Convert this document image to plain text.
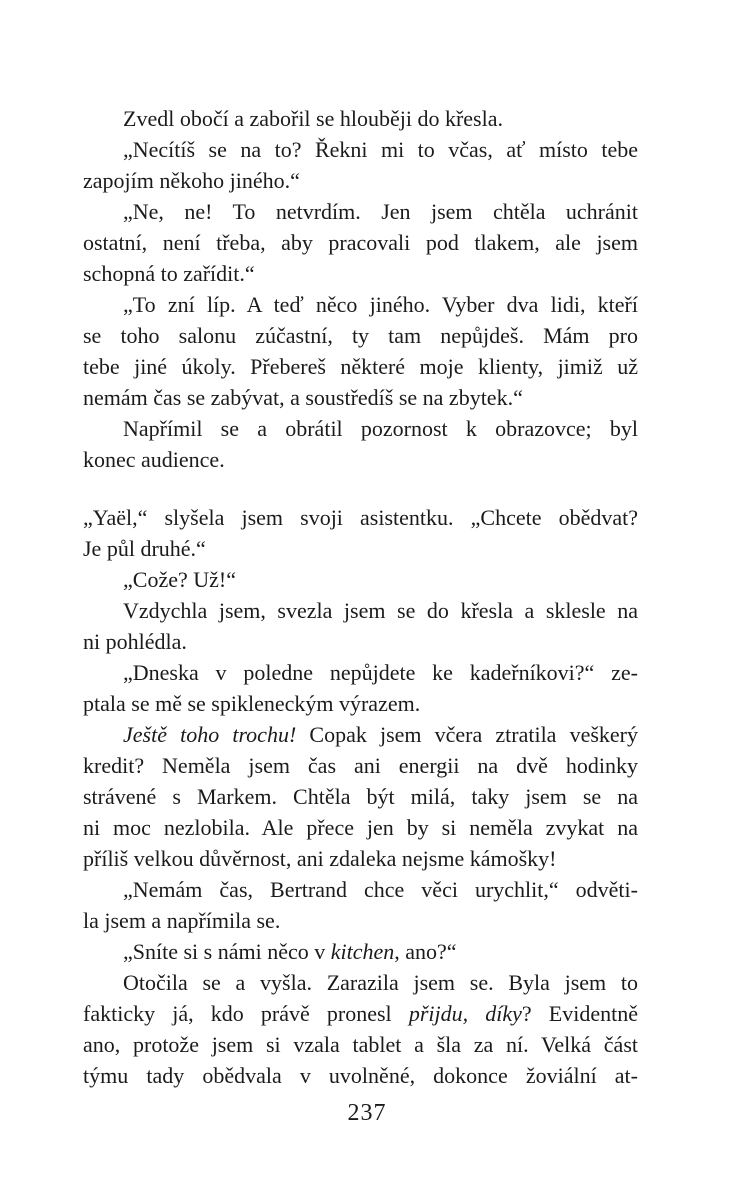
Zvedl obočí a zabořil se hlouběji do křesla.
„Necítíš se na to? Řekni mi to včas, ať místo tebe
zapojím někoho jiného.“
„Ne, ne! To netvrdím. Jen jsem chtěla uchránit
ostatní, není třeba, aby pracovali pod tlakem, ale jsem
schopná to zařídit.“
„To zní líp. A teď něco jiného. Vyber dva lidi, kteří
se toho salonu zúčastní, ty tam nepůjdeš. Mám pro
tebe jiné úkoly. Přebereš některé moje klienty, jimiž už
nemám čas se zabývat, a soustředíš se na zbytek.“
Napřímil se a obrátil pozornost k obrazovce; byl
konec audience.
„Yaël,“ slyšela jsem svoji asistentku. „Chcete obědvat?
Je půl druhé.“
„Cože? Už!“
Vzdychla jsem, svezla jsem se do křesla a sklesle na
ni pohlédla.
„Dneska v poledne nepůjdete ke kadeřníkovi?“ ze-
ptala se mě se spikleneckým výrazem.
Ještě toho trochu! Copak jsem včera ztratila veškerý
kredit? Neměla jsem čas ani energii na dvě hodinky
strávené s Markem. Chtěla být milá, taky jsem se na
ni moc nezlobila. Ale přece jen by si neměla zvykat na
příliš velkou důvěrnost, ani zdaleka nejsme kámošky!
„Nemám čas, Bertrand chce věci urychlit,“ odvěti-
la jsem a napřímila se.
„Sníte si s námi něco v kitchen, ano?“
Otočila se a vyšla. Zarazila jsem se. Byla jsem to
fakticky já, kdo právě pronesl přijdu, díky? Evidentně
ano, protože jsem si vzala tablet a šla za ní. Velká část
týmu tady obědvala v uvolněné, dokonce žoviální at-
237
